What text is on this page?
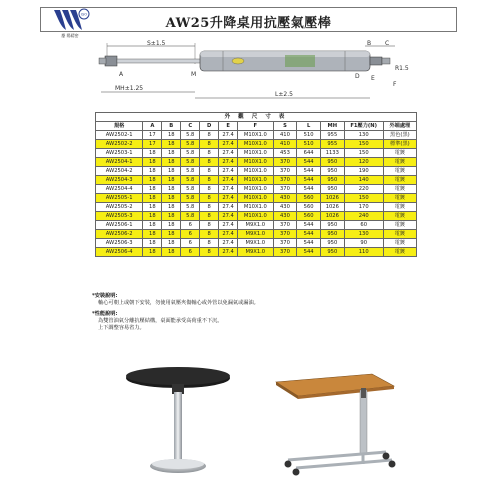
ISO
慶 陽精密
AW25升降桌用抗壓氣壓棒
S±1.5	B C
A	M
R1.5
E
F
D
MH±1.25
L±2.5
外 觀 尺 寸 表											
規格	A	B	C	D	E	F	S	L	MH	F1壓力(N)	外端處理
AW2502-1	17	18	5.8	8	27.4	M10X1.0	410	510	955	130	黑色(黑)
AW2502-2	17	18	5.8	8	27.4	M10X1.0	410	510	955	150	標準(黑)
AW2503-1	18	18	5.8	8	27.4	M10X1.0	453	644	1133	150	電鍍
AW2504-1	18	18	5.8	8	27.4	M10X1.0	370	544	950	120	電鍍
AW2504-2	18	18	5.8	8	27.4	M10X1.0	370	544	950	190	電鍍
AW2504-3	18	18	5.8	8	27.4	M10X1.0	370	544	950	140	電鍍
AW2504-4	18	18	5.8	8	27.4	M10X1.0	370	544	950	220	電鍍
AW2505-1	18	18	5.8	8	27.4	M10X1.0	430	560	1026	150	電鍍
AW2505-2	18	18	5.8	8	27.4	M10X1.0	430	560	1026	170	電鍍
AW2505-3	18	18	5.8	8	27.4	M10X1.0	430	560	1026	240	電鍍
AW2506-1	18	18	6	8	27.4	M9X1.0	370	544	950	60	電鍍
AW2506-2	18	18	6	8	27.4	M9X1.0	370	544	950	130	電鍍
AW2506-3	18	18	6	8	27.4	M9X1.0	370	544	950	90	電鍍
AW2506-4	18	18	6	8	27.4	M9X1.0	370	544	950	110	電鍍
*安裝說明:
軸心可朝上或朝下安裝，勿使用氣壓夾傷軸心或外管以免漏氣或漏油。
*性能說明:
為雙管油氣分離抗壓結構，桌面能承受高荷重不下沉。
上下調整容易省力。
